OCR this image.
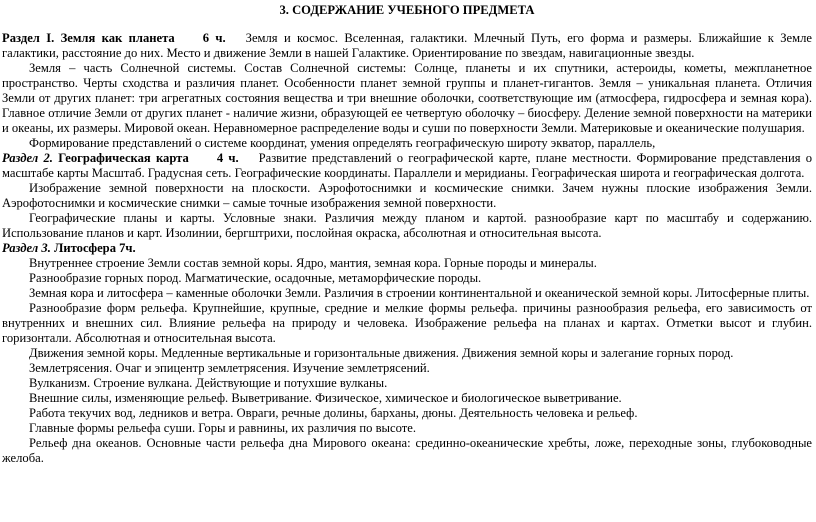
3. СОДЕРЖАНИЕ УЧЕБНОГО ПРЕДМЕТА

Раздел I. Земля как планета 6 ч. Земля и космос. Вселенная, галактики. Млечный Путь, его форма и размеры. Ближайшие к Земле галактики, расстояние до них. Место и движение Земли в нашей Галактике. Ориентирование по звездам, навигационные звезды.

Земля – часть Солнечной системы. Состав Солнечной системы: Солнце, планеты и их спутники, астероиды, кометы, межпланетное пространство. Черты сходства и различия планет. Особенности планет земной группы и планет-гигантов. Земля – уникальная планета. Отличия Земли от других планет: три агрегатных состояния вещества и три внешние оболочки, соответствующие им (атмосфера, гидросфера и земная кора). Главное отличие Земли от других планет - наличие жизни, образующей ее четвертую оболочку – биосферу. Деление земной поверхности на материки и океаны, их размеры. Мировой океан. Неравномерное распределение воды и суши по поверхности Земли. Материковые и океанические полушария.

Формирование представлений о системе координат, умения определять географическую широту экватор, параллель,

Раздел 2. Географическая карта 4 ч. Развитие представлений о географической карте, плане местности. Формирование представления о масштабе карты Масштаб. Градусная сеть. Географические координаты. Параллели и меридианы. Географическая широта и географическая долгота.

Изображение земной поверхности на плоскости. Аэрофотоснимки и космические снимки. Зачем нужны плоские изображения Земли. Аэрофотоснимки и космические снимки – самые точные изображения земной поверхности.

Географические планы и карты. Условные знаки. Различия между планом и картой. разнообразие карт по масштабу и содержанию. Использование планов и карт. Изолинии, бергштрихи, послойная окраска, абсолютная и относительная высота.

Раздел 3. Литосфера 7ч.

Внутреннее строение Земли состав земной коры. Ядро, мантия, земная кора. Горные породы и минералы.

Разнообразие горных пород. Магматические, осадочные, метаморфические породы.

Земная кора и литосфера – каменные оболочки Земли. Различия в строении континентальной и океанической земной коры. Литосферные плиты.

Разнообразие форм рельефа. Крупнейшие, крупные, средние и мелкие формы рельефа. причины разнообразия рельефа, его зависимость от внутренних и внешних сил. Влияние рельефа на природу и человека. Изображение рельефа на планах и картах. Отметки высот и глубин. горизонтали. Абсолютная и относительная высота.

Движения земной коры. Медленные вертикальные и горизонтальные движения. Движения земной коры и залегание горных пород.

Землетрясения. Очаг и эпицентр землетрясения. Изучение землетрясений.

Вулканизм. Строение вулкана. Действующие и потухшие вулканы.

Внешние силы, изменяющие рельеф. Выветривание. Физическое, химическое и биологическое выветривание.

Работа текучих вод, ледников и ветра. Овраги, речные долины, барханы, дюны. Деятельность человека и рельеф.

Главные формы рельефа суши. Горы и равнины, их различия по высоте.

Рельеф дна океанов. Основные части рельефа дна Мирового океана: срединно-океанические хребты, ложе, переходные зоны, глубоководные желоба.
